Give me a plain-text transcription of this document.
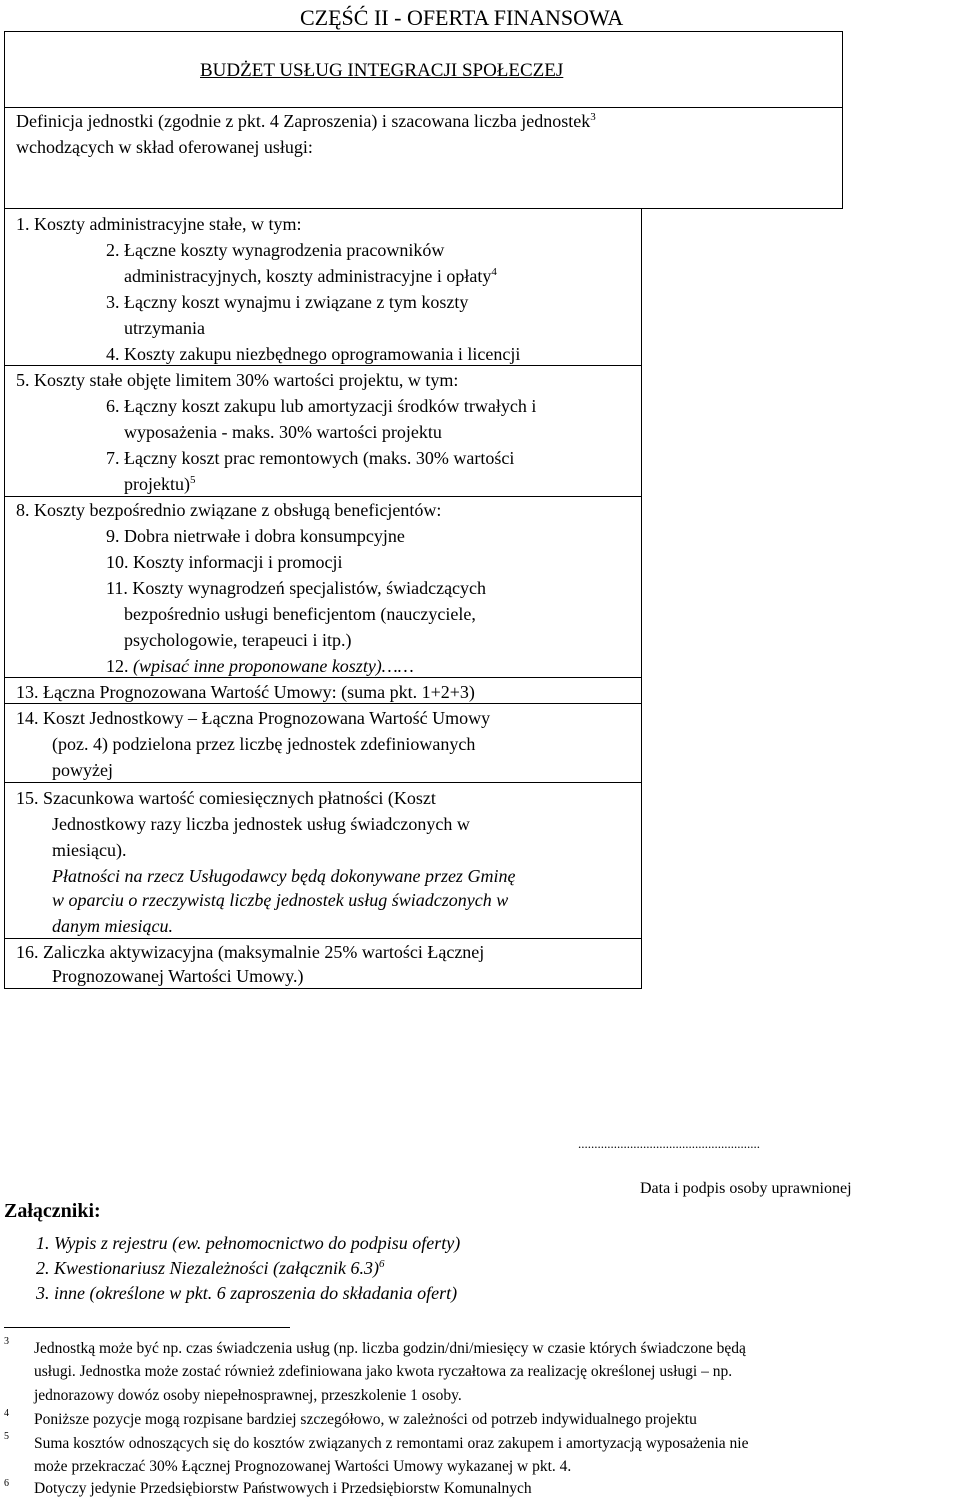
CZĘŚĆ II - OFERTA FINANSOWA
BUDŻET USŁUG INTEGRACJI SPOŁECZEJ
Definicja jednostki (zgodnie z pkt. 4 Zaproszenia) i szacowana liczba jednostek$^3$
wchodzących w skład oferowanej usługi:
1. Koszty administracyjne stałe, w tym:
2. Łączne koszty wynagrodzenia pracowników
administracyjnych, koszty administracyjne i opłaty$^4$
3. Łączny koszt wynajmu i związane z tym koszty
utrzymania
4. Koszty zakupu niezbędnego oprogramowania i licencji
5. Koszty stałe objęte limitem 30% wartości projektu, w tym:
6. Łączny koszt zakupu lub amortyzacji środków trwałych i
wyposażenia - maks. 30% wartości projektu
7. Łączny koszt prac remontowych (maks. 30% wartości
projektu)$^5$
8. Koszty bezpośrednio związane z obsługą beneficjentów:
9. Dobra nietrwałe i dobra konsumpcyjne
10. Koszty informacji i promocji
11. Koszty wynagrodzeń specjalistów, świadczących
bezpośrednio usługi beneficjentom (nauczyciele,
psychologowie, terapeuci i itp.)
12. (wpisać inne proponowane koszty)……
13. Łączna Prognozowana Wartość Umowy: (suma pkt. 1+2+3)
14. Koszt Jednostkowy – Łączna Prognozowana Wartość Umowy
(poz. 4) podzielona przez liczbę jednostek zdefiniowanych
powyżej
15. Szacunkowa wartość comiesięcznych płatności (Koszt
Jednostkowy razy liczba jednostek usług świadczonych w
miesiącu).
Płatności na rzecz Usługodawcy będą dokonywane przez Gminę
w oparciu o rzeczywistą liczbę jednostek usług świadczonych w
danym miesiącu.
16. Zaliczka aktywizacyjna (maksymalnie 25% wartości Łącznej
Prognozowanej Wartości Umowy.)
........................................................
Data i podpis osoby uprawnionej
Załączniki:
1. Wypis z rejestru (ew. pełnomocnictwo do podpisu oferty)
2. Kwestionariusz Niezależności (załącznik 6.3)$^6$
3. inne (określone w pkt. 6 zaproszenia do składania ofert)
3 Jednostką może być np. czas świadczenia usług (np. liczba godzin/dni/miesięcy w czasie których świadczone będą
usługi. Jednostka może zostać również zdefiniowana jako kwota ryczałtowa za realizację określonej usługi – np.
jednorazowy dowóz osoby niepełnosprawnej, przeszkolenie 1 osoby.
4 Poniższe pozycje mogą rozpisane bardziej szczegółowo, w zależności od potrzeb indywidualnego projektu
5 Suma kosztów odnoszących się do kosztów związanych z remontami oraz zakupem i amortyzacją wyposażenia nie
może przekraczać 30% Łącznej Prognozowanej Wartości Umowy wykazanej w pkt. 4.
6 Dotyczy jedynie Przedsiębiorstw Państwowych i Przedsiębiorstw Komunalnych
